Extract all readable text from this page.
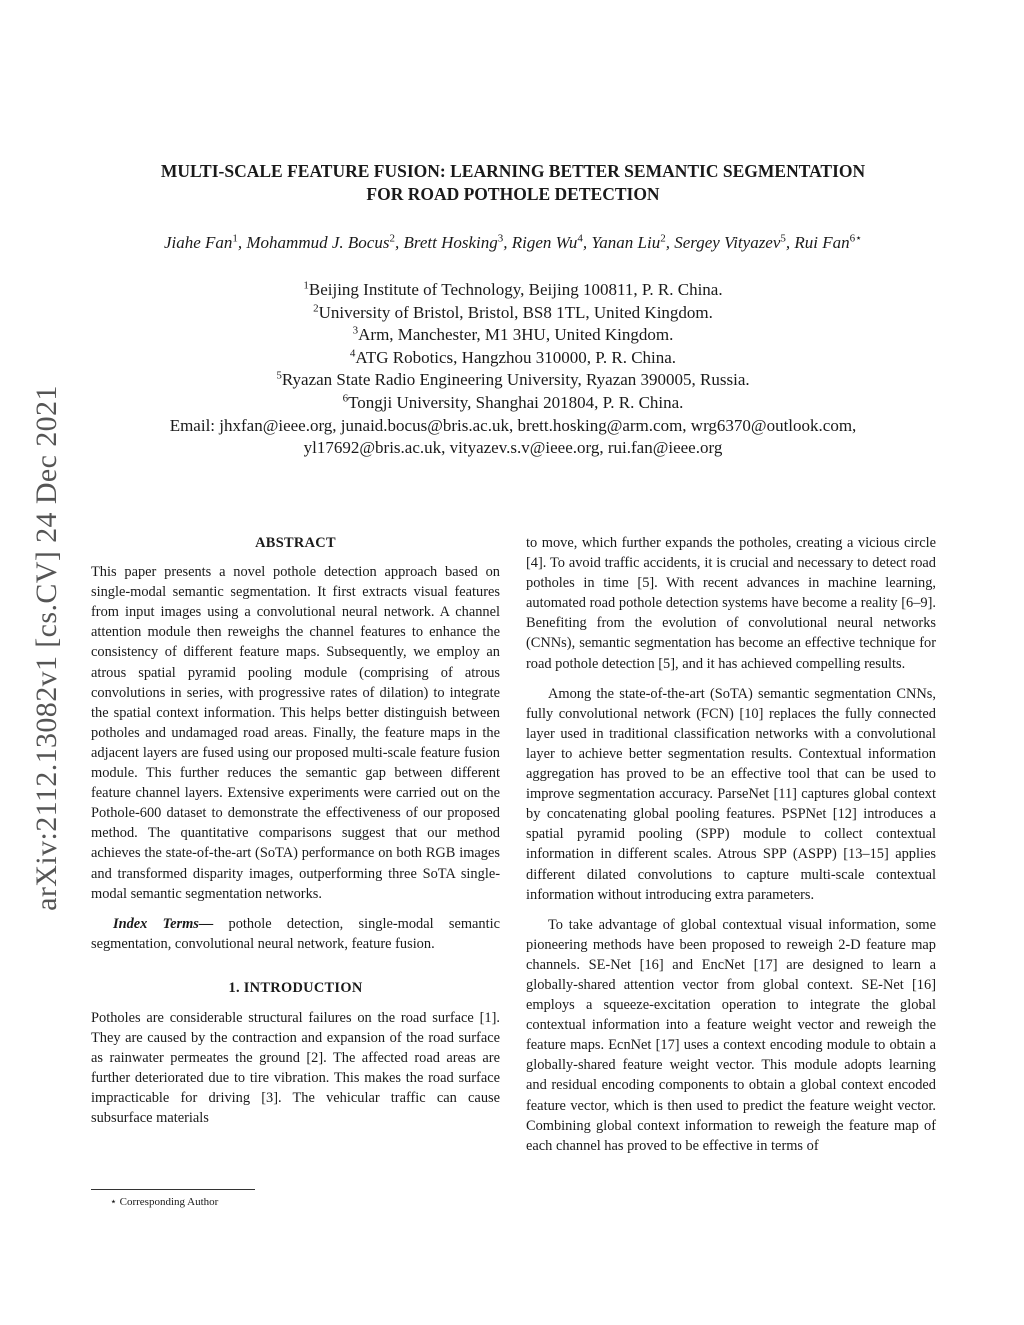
arXiv:2112.13082v1 [cs.CV] 24 Dec 2021
MULTI-SCALE FEATURE FUSION: LEARNING BETTER SEMANTIC SEGMENTATION
FOR ROAD POTHOLE DETECTION
Jiahe Fan$^1$, Mohammud J. Bocus$^2$, Brett Hosking$^3$, Rigen Wu$^4$, Yanan Liu$^2$, Sergey Vityazev$^5$, Rui Fan$^{6⋆}$
$^1$Beijing Institute of Technology, Beijing 100811, P. R. China.
$^2$University of Bristol, Bristol, BS8 1TL, United Kingdom.
$^3$Arm, Manchester, M1 3HU, United Kingdom.
$^4$ATG Robotics, Hangzhou 310000, P. R. China.
$^5$Ryazan State Radio Engineering University, Ryazan 390005, Russia.
$^6$Tongji University, Shanghai 201804, P. R. China.
Email: jhxfan@ieee.org, junaid.bocus@bris.ac.uk, brett.hosking@arm.com, wrg6370@outlook.com,
yl17692@bris.ac.uk, vityazev.s.v@ieee.org, rui.fan@ieee.org
ABSTRACT

This paper presents a novel pothole detection approach based on single-modal semantic segmentation. It first extracts visual features from input images using a convolutional neural network. A channel attention module then reweighs the channel features to enhance the consistency of different feature maps. Subsequently, we employ an atrous spatial pyramid pooling module (comprising of atrous convolutions in series, with progressive rates of dilation) to integrate the spatial context information. This helps better distinguish between potholes and undamaged road areas. Finally, the feature maps in the adjacent layers are fused using our proposed multi-scale feature fusion module. This further reduces the semantic gap between different feature channel layers. Extensive experiments were carried out on the Pothole-600 dataset to demonstrate the effectiveness of our proposed method. The quantitative comparisons suggest that our method achieves the state-of-the-art (SoTA) performance on both RGB images and transformed disparity images, outperforming three SoTA single-modal semantic segmentation networks.

Index Terms— pothole detection, single-modal semantic segmentation, convolutional neural network, feature fusion.

1. INTRODUCTION

Potholes are considerable structural failures on the road surface [1]. They are caused by the contraction and expansion of the road surface as rainwater permeates the ground [2]. The affected road areas are further deteriorated due to tire vibration. This makes the road surface impracticable for driving [3]. The vehicular traffic can cause subsurface materials

to move, which further expands the potholes, creating a vicious circle [4]. To avoid traffic accidents, it is crucial and necessary to detect road potholes in time [5]. With recent advances in machine learning, automated road pothole detection systems have become a reality [6–9]. Benefiting from the evolution of convolutional neural networks (CNNs), semantic segmentation has become an effective technique for road pothole detection [5], and it has achieved compelling results.

Among the state-of-the-art (SoTA) semantic segmentation CNNs, fully convolutional network (FCN) [10] replaces the fully connected layer used in traditional classification networks with a convolutional layer to achieve better segmentation results. Contextual information aggregation has proved to be an effective tool that can be used to improve segmentation accuracy. ParseNet [11] captures global context by concatenating global pooling features. PSPNet [12] introduces a spatial pyramid pooling (SPP) module to collect contextual information in different scales. Atrous SPP (ASPP) [13–15] applies different dilated convolutions to capture multi-scale contextual information without introducing extra parameters.

To take advantage of global contextual visual information, some pioneering methods have been proposed to reweigh 2-D feature map channels. SE-Net [16] and EncNet [17] are designed to learn a globally-shared attention vector from global context. SE-Net [16] employs a squeeze-excitation operation to integrate the global contextual information into a feature weight vector and reweigh the feature maps. EcnNet [17] uses a context encoding module to obtain a globally-shared feature weight vector. This module adopts learning and residual encoding components to obtain a global context encoded feature vector, which is then used to predict the feature weight vector. Combining global context information to reweigh the feature map of each channel has proved to be effective in terms of

⋆ Corresponding Author
